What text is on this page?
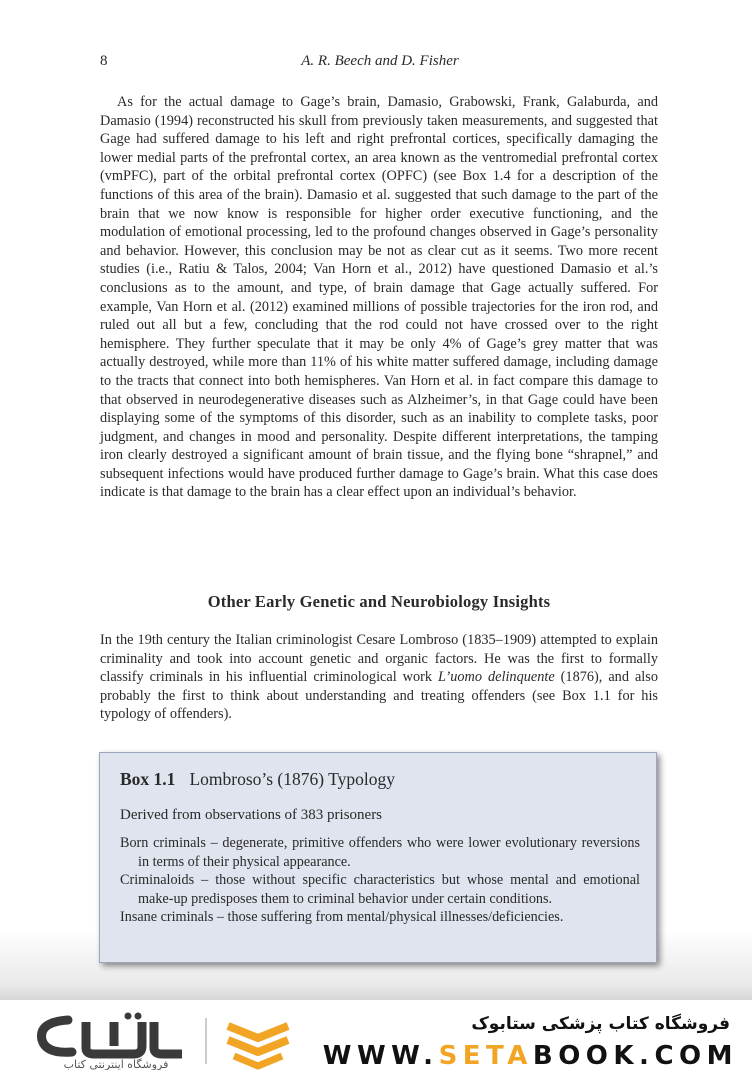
8	A. R. Beech and D. Fisher

As for the actual damage to Gage’s brain, Damasio, Grabowski, Frank, Galaburda, and Damasio (1994) reconstructed his skull from previously taken measurements, and suggested that Gage had suffered damage to his left and right prefrontal cortices, specifically damaging the lower medial parts of the prefrontal cortex, an area known as the ventromedial prefrontal cortex (vmPFC), part of the orbital prefrontal cortex (OPFC) (see Box 1.4 for a description of the functions of this area of the brain). Damasio et al. suggested that such damage to the part of the brain that we now know is responsible for higher order executive functioning, and the modulation of emotional processing, led to the profound changes observed in Gage’s personality and behavior. However, this conclusion may be not as clear cut as it seems. Two more recent studies (i.e., Ratiu & Talos, 2004; Van Horn et al., 2012) have questioned Damasio et al.’s conclusions as to the amount, and type, of brain damage that Gage actually suffered. For example, Van Horn et al. (2012) examined millions of possible trajectories for the iron rod, and ruled out all but a few, concluding that the rod could not have crossed over to the right hemisphere. They further speculate that it may be only 4% of Gage’s grey matter that was actually destroyed, while more than 11% of his white matter suffered damage, including damage to the tracts that connect into both hemispheres. Van Horn et al. in fact compare this damage to that observed in neurodegenerative diseases such as Alzheimer’s, in that Gage could have been displaying some of the symptoms of this disorder, such as an inability to complete tasks, poor judgment, and changes in mood and personality. Despite different interpretations, the tamping iron clearly destroyed a significant amount of brain tissue, and the flying bone “shrapnel,” and subsequent infections would have produced further damage to Gage’s brain. What this case does indicate is that damage to the brain has a clear effect upon an individual’s behavior.

Other Early Genetic and Neurobiology Insights

In the 19th century the Italian criminologist Cesare Lombroso (1835–1909) attempted to explain criminality and took into account genetic and organic factors. He was the first to formally classify criminals in his influential criminological work L’uomo delinquente (1876), and also probably the first to think about understanding and treating offenders (see Box 1.1 for his typology of offenders).

Box 1.1 Lombroso’s (1876) Typology
Derived from observations of 383 prisoners
Born criminals – degenerate, primitive offenders who were lower evolutionary reversions in terms of their physical appearance.
Criminaloids – those without specific characteristics but whose mental and emotional make-up predisposes them to criminal behavior under certain conditions.
Insane criminals – those suffering from mental/physical illnesses/deficiencies.
فروشگاه اینترنتی کتاب
فروشگاه کتاب پزشکی ستابوک
WWW.SETABOOK.COM
